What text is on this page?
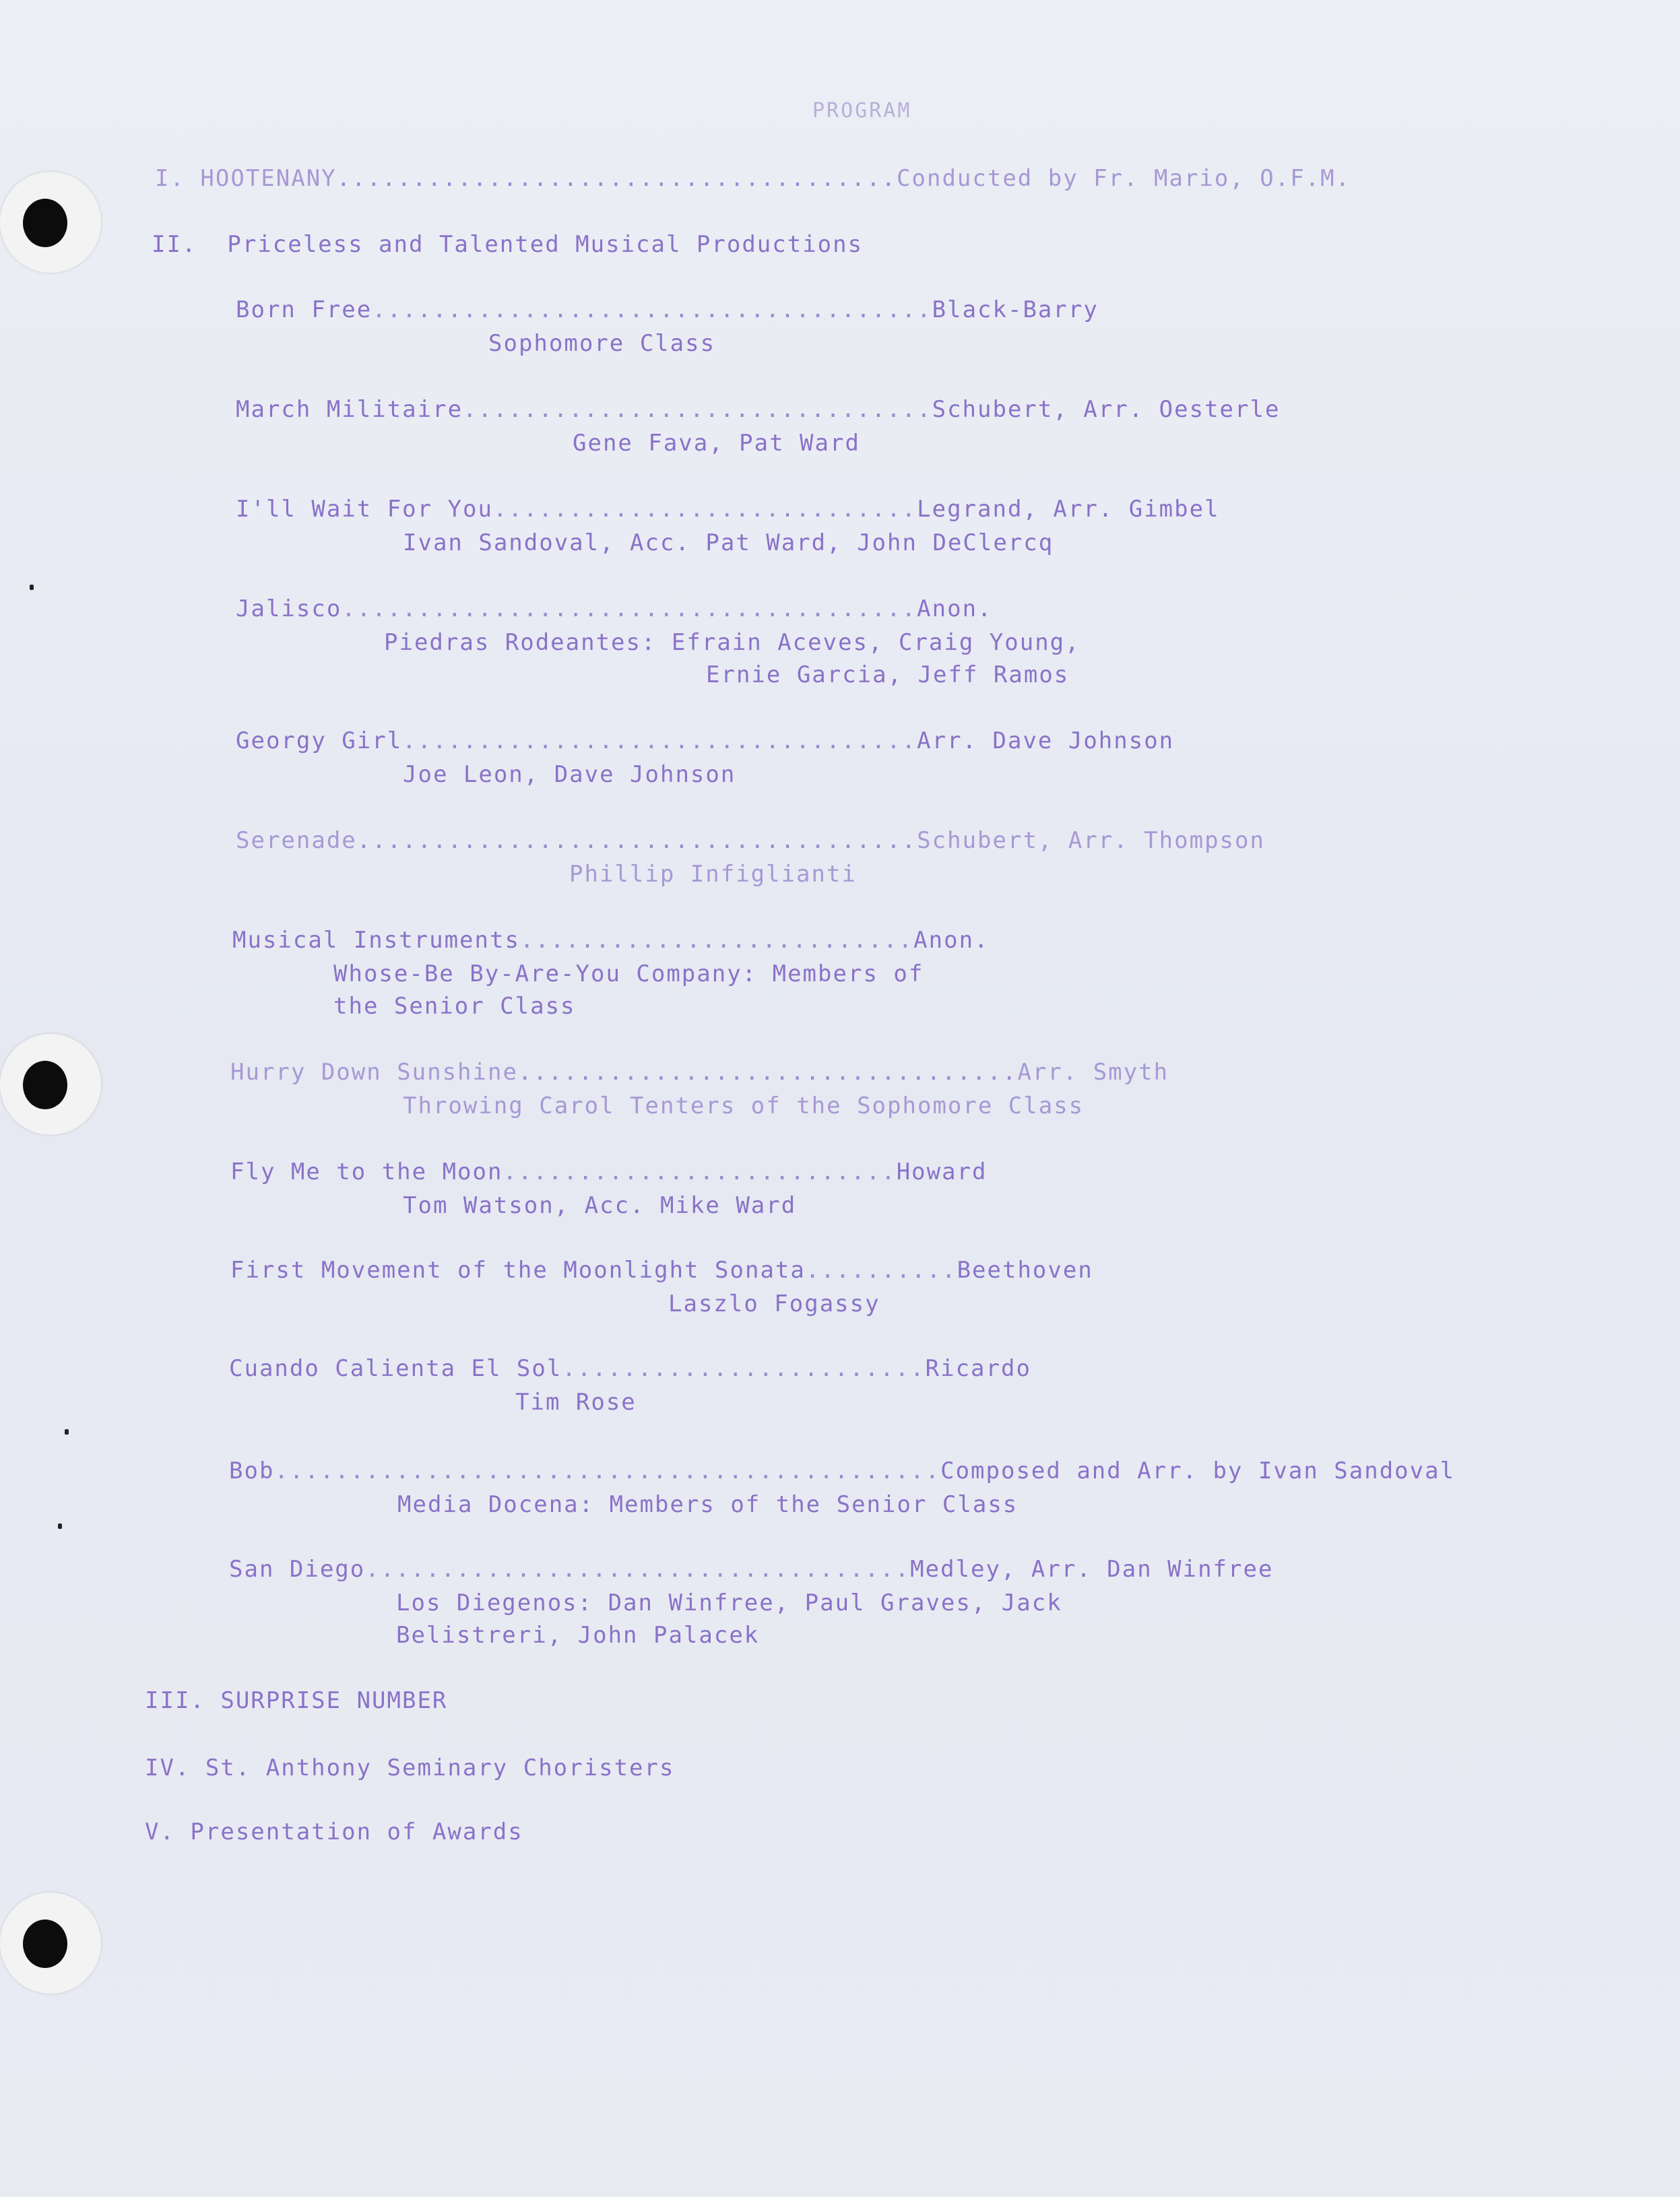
PROGRAM
I. HOOTENANY.....................................Conducted by Fr. Mario, O.F.M.
II.  Priceless and Talented Musical Productions
Born Free.....................................Black-Barry
Sophomore Class
March Militaire...............................Schubert, Arr. Oesterle
Gene Fava, Pat Ward
I'll Wait For You............................Legrand, Arr. Gimbel
Ivan Sandoval, Acc. Pat Ward, John DeClercq
Jalisco......................................Anon.
Piedras Rodeantes: Efrain Aceves, Craig Young,
Ernie Garcia, Jeff Ramos
Georgy Girl..................................Arr. Dave Johnson
Joe Leon, Dave Johnson
Serenade.....................................Schubert, Arr. Thompson
Phillip Infiglianti
Musical Instruments..........................Anon.
Whose-Be By-Are-You Company: Members of
the Senior Class
Hurry Down Sunshine.................................Arr. Smyth
Throwing Carol Tenters of the Sophomore Class
Fly Me to the Moon..........................Howard
Tom Watson, Acc. Mike Ward
First Movement of the Moonlight Sonata..........Beethoven
Laszlo Fogassy
Cuando Calienta El Sol........................Ricardo
Tim Rose
Bob............................................Composed and Arr. by Ivan Sandoval
Media Docena: Members of the Senior Class
San Diego....................................Medley, Arr. Dan Winfree
Los Diegenos: Dan Winfree, Paul Graves, Jack
Belistreri, John Palacek
III. SURPRISE NUMBER
IV. St. Anthony Seminary Choristers
V. Presentation of Awards
